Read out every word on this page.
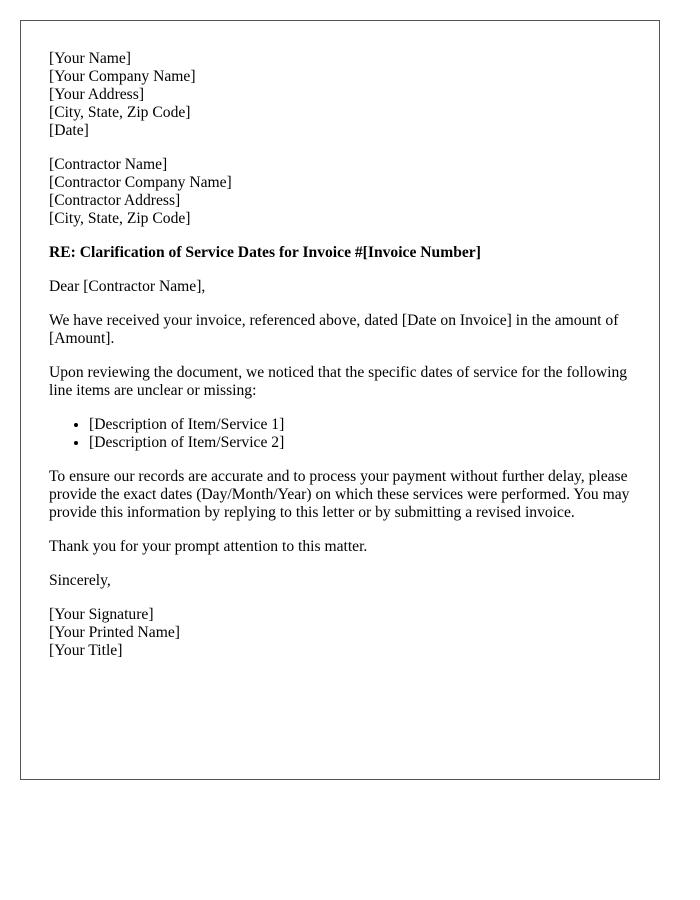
[Your Name]
[Your Company Name]
[Your Address]
[City, State, Zip Code]
[Date]
[Contractor Name]
[Contractor Company Name]
[Contractor Address]
[City, State, Zip Code]

RE: Clarification of Service Dates for Invoice #[Invoice Number]

Dear [Contractor Name],

We have received your invoice, referenced above, dated [Date on Invoice] in the amount of [Amount].

Upon reviewing the document, we noticed that the specific dates of service for the following line items are unclear or missing:

• [Description of Item/Service 1]
• [Description of Item/Service 2]

To ensure our records are accurate and to process your payment without further delay, please provide the exact dates (Day/Month/Year) on which these services were performed. You may provide this information by replying to this letter or by submitting a revised invoice.

Thank you for your prompt attention to this matter.

Sincerely,

[Your Signature]
[Your Printed Name]
[Your Title]
